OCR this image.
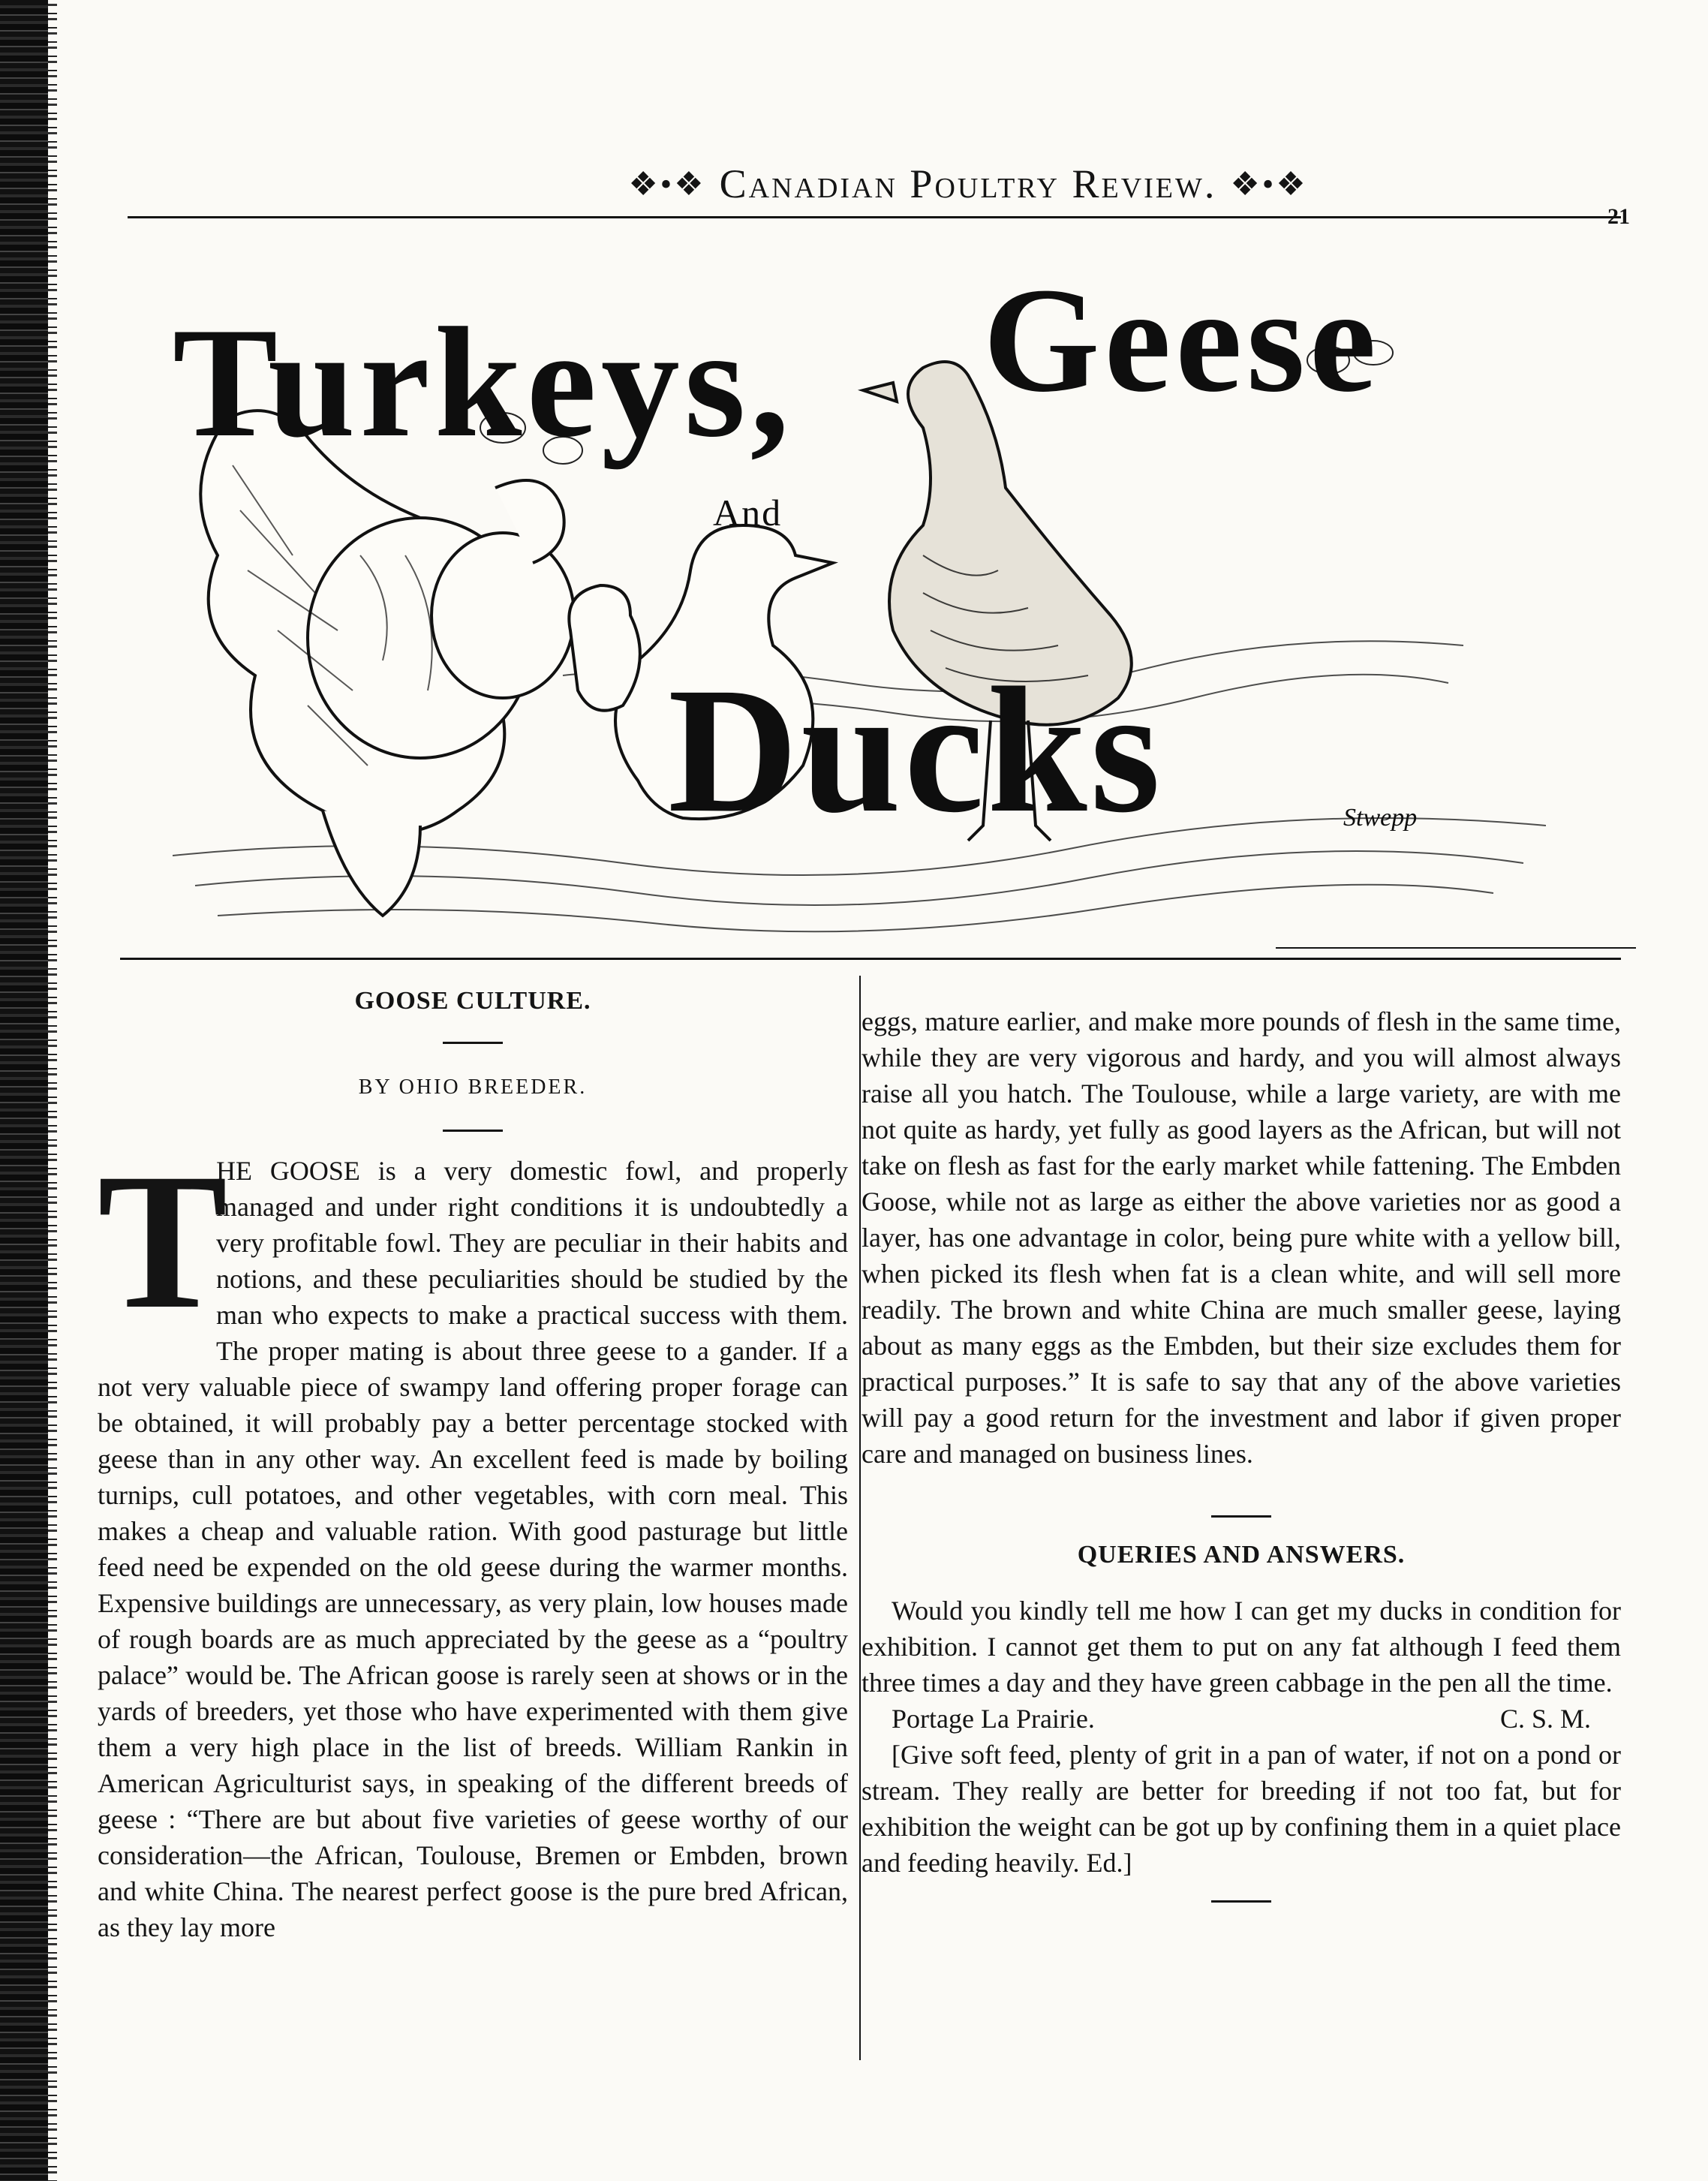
❖•❖ Canadian Poultry Review. ❖•❖
21
Turkeys, Geese
And
Ducks	Stwepp
GOOSE CULTURE.
BY OHIO BREEDER.
T

HE GOOSE is a very domestic fowl, and properly managed and under right conditions it is undoubtedly a very profitable fowl. They are peculiar in their habits and notions, and these peculiarities should be studied by the man who expects to make a practical success with them. The proper mating is about three geese to a gander. If a not very valuable piece of swampy land offering proper forage can be obtained, it will probably pay a better percentage stocked with geese than in any other way. An excellent feed is made by boiling turnips, cull potatoes, and other vegetables, with corn meal. This makes a cheap and valuable ration. With good pasturage but little feed need be expended on the old geese during the warmer months. Expensive buildings are unnecessary, as very plain, low houses made of rough boards are as much appreciated by the geese as a “poultry palace” would be. The African goose is rarely seen at shows or in the yards of breeders, yet those who have experimented with them give them a very high place in the list of breeds. William Rankin in American Agriculturist says, in speaking of the different breeds of geese : “There are but about five varieties of geese worthy of our consideration—the African, Toulouse, Bremen or Embden, brown and white China. The nearest perfect goose is the pure bred African, as they lay more

eggs, mature earlier, and make more pounds of flesh in the same time, while they are very vigorous and hardy, and you will almost always raise all you hatch. The Toulouse, while a large variety, are with me not quite as hardy, yet fully as good layers as the African, but will not take on flesh as fast for the early market while fattening. The Embden Goose, while not as large as either the above varieties nor as good a layer, has one advantage in color, being pure white with a yellow bill, when picked its flesh when fat is a clean white, and will sell more readily. The brown and white China are much smaller geese, laying about as many eggs as the Embden, but their size excludes them for practical purposes.” It is safe to say that any of the above varieties will pay a good return for the investment and labor if given proper care and managed on business lines.

QUERIES AND ANSWERS.

Would you kindly tell me how I can get my ducks in condition for exhibition. I cannot get them to put on any fat although I feed them three times a day and they have green cabbage in the pen all the time.

Portage La Prairie.	C. S. M.

[Give soft feed, plenty of grit in a pan of water, if not on a pond or stream. They really are better for breeding if not too fat, but for exhibition the weight can be got up by confining them in a quiet place and feeding heavily. Ed.]
